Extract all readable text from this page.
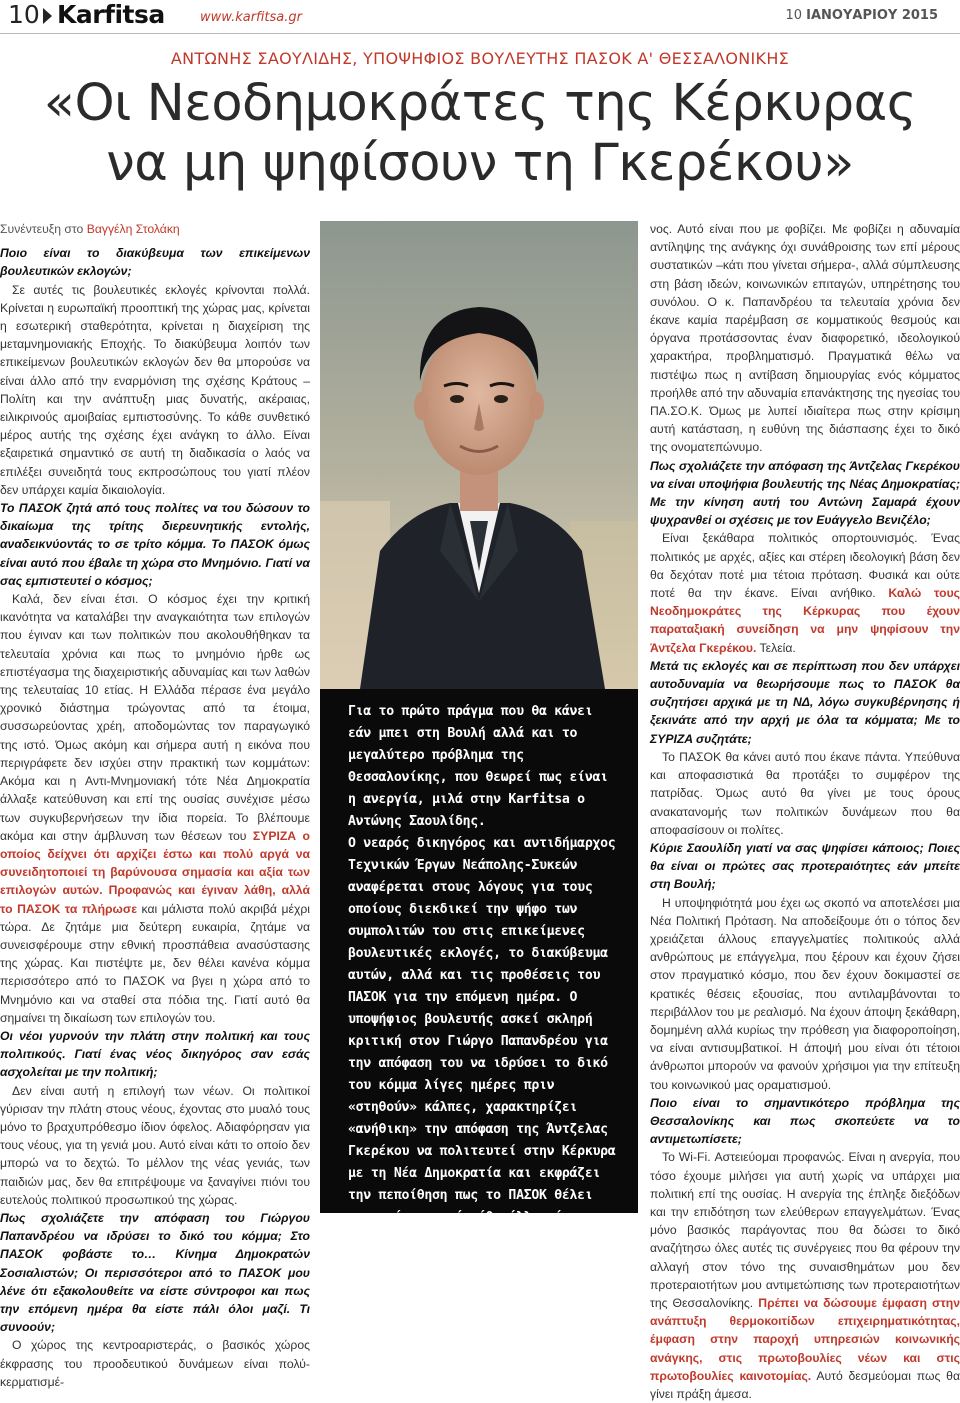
10 Karfitsa	www.karfitsa.gr	10 ΙΑΝΟΥΑΡΙΟΥ 2015
ΑΝΤΩΝΗΣ ΣΑΟΥΛΙΔΗΣ, ΥΠΟΨΗΦΙΟΣ ΒΟΥΛΕΥΤΗΣ ΠΑΣΟΚ Α' ΘΕΣΣΑΛΟΝΙΚΗΣ
«Οι Νεοδημοκράτες της Κέρκυρας
να μη ψηφίσουν τη Γκερέκου»

Συνέντευξη στο Βαγγέλη Στολάκη

Ποιο είναι το διακύβευμα των επικείμενων βουλευτικών εκλογών;

Σε αυτές τις βουλευτικές εκλογές κρίνονται πολλά. Κρίνεται η ευρωπαϊκή προοπτική της χώρας μας, κρίνεται η εσωτερική σταθερότητα, κρίνεται η διαχείριση της μεταμνημονιακής Εποχής. Το διακύβευμα λοιπόν των επικείμενων βουλευτικών εκλογών δεν θα μπορούσε να είναι άλλο από την εναρμόνιση της σχέσης Κράτους – Πολίτη και την ανάπτυξη μιας δυνατής, ακέραιας, ειλικρινούς αμοιβαίας εμπιστοσύνης. Το κάθε συνθετικό μέρος αυτής της σχέσης έχει ανάγκη το άλλο. Είναι εξαιρετικά σημαντικό σε αυτή τη διαδικασία ο λαός να επιλέξει συνειδητά τους εκπροσώπους του γιατί πλέον δεν υπάρχει καμία δικαιολογία.

Το ΠΑΣΟΚ ζητά από τους πολίτες να του δώσουν το δικαίωμα της τρίτης διερευνητικής εντολής, αναδεικνύοντάς το σε τρίτο κόμμα. Το ΠΑΣΟΚ όμως είναι αυτό που έβαλε τη χώρα στο Μνημόνιο. Γιατί να σας εμπιστευτεί ο κόσμος;

Καλά, δεν είναι έτσι. Ο κόσμος έχει την κριτική ικανότητα να καταλάβει την αναγκαιότητα των επιλογών που έγιναν και των πολιτικών που ακολουθήθηκαν τα τελευταία χρόνια και πως το μνημόνιο ήρθε ως επιστέγασμα της διαχειριστικής αδυναμίας και των λαθών της τελευταίας 10 ετίας. Η Ελλάδα πέρασε ένα μεγάλο χρονικό διάστημα τρώγοντας από τα έτοιμα, συσσωρεύοντας χρέη, αποδομώντας τον παραγωγικό της ιστό. Όμως ακόμη και σήμερα αυτή η εικόνα που περιγράφετε δεν ισχύει στην πρακτική των κομμάτων: Ακόμα και η Αντι-Μνημονιακή τότε Νέα Δημοκρατία άλλαξε κατεύθυνση και επί της ουσίας συνέχισε μέσω των συγκυβερνήσεων την ίδια πορεία. Το βλέπουμε ακόμα και στην άμβλυνση των θέσεων του ΣΥΡΙΖΑ ο οποίος δείχνει ότι αρχίζει έστω και πολύ αργά να συνειδητοποιεί τη βαρύνουσα σημασία και αξία των επιλογών αυτών. Προφανώς και έγιναν λάθη, αλλά το ΠΑΣΟΚ τα πλήρωσε και μάλιστα πολύ ακριβά μέχρι τώρα. Δε ζητάμε μια δεύτερη ευκαιρία, ζητάμε να συνεισφέρουμε στην εθνική προσπάθεια ανασύστασης της χώρας. Και πιστέψτε με, δεν θέλει κανένα κόμμα περισσότερο από το ΠΑΣΟΚ να βγει η χώρα από το Μνημόνιο και να σταθεί στα πόδια της. Γιατί αυτό θα σημαίνει τη δικαίωση των επιλογών του.

Οι νέοι γυρνούν την πλάτη στην πολιτική και τους πολιτικούς. Γιατί ένας νέος δικηγόρος σαν εσάς ασχολείται με την πολιτική;

Δεν είναι αυτή η επιλογή των νέων. Οι πολιτικοί γύρισαν την πλάτη στους νέους, έχοντας στο μυαλό τους μόνο το βραχυπρόθεσμο ίδιον όφελος. Αδιαφόρησαν για τους νέους, για τη γενιά μου. Αυτό είναι κάτι το οποίο δεν μπορώ να το δεχτώ. Το μέλλον της νέας γενιάς, των παιδιών μας, δεν θα επιτρέψουμε να ξαναγίνει πιόνι του ευτελούς πολιτικού προσωπικού της χώρας.

Πως σχολιάζετε την απόφαση του Γιώργου Παπανδρέου να ιδρύσει το δικό του κόμμα; Στο ΠΑΣΟΚ φοβάστε το… Κίνημα Δημοκρατών Σοσιαλιστών; Οι περισσότεροι από το ΠΑΣΟΚ μου λένε ότι εξακολουθείτε να είστε σύντροφοι και πως την επόμενη ημέρα θα είστε πάλι όλοι μαζί. Τι συνοούν;

Ο χώρος της κεντροαριστεράς, ο βασικός χώρος έκφρασης του προοδευτικού δυνάμεων είναι πολύ-κερματισμέ-

Για το πρώτο πράγμα που θα κάνει εάν μπει στη Βουλή αλλά και το μεγαλύτερο πρόβλημα της Θεσσαλονίκης, που θεωρεί πως είναι η ανεργία, μιλά στην Karfitsa ο Αντώνης Σαουλίδης.

Ο νεαρός δικηγόρος και αντιδήμαρχος Τεχνικών Έργων Νεάπολης-Συκεών αναφέρεται στους λόγους για τους οποίους διεκδικεί την ψήφο των συμπολιτών του στις επικείμενες βουλευτικές εκλογές, το διακύβευμα αυτών, αλλά και τις προθέσεις του ΠΑΣΟΚ για την επόμενη ημέρα. Ο υποψήφιος βουλευτής ασκεί σκληρή κριτική στον Γιώργο Παπανδρέου για την απόφαση του να ιδρύσει το δικό του κόμμα λίγες ημέρες πριν «στηθούν» κάλπες, χαρακτηρίζει «ανήθικη» την απόφαση της Άντζελας Γκερέκου να πολιτευτεί στην Κέρκυρα με τη Νέα Δημοκρατία και εκφράζει την πεποίθηση πως το ΠΑΣΟΚ θέλει περισσότερο από κάθε άλλο κόμμα την έξοδο της χώρας από το μνημόνιο.

νος. Αυτό είναι που με φοβίζει. Με φοβίζει η αδυναμία αντίληψης της ανάγκης όχι συνάθροισης των επί μέρους συστατικών –κάτι που γίνεται σήμερα-, αλλά σύμπλευσης στη βάση ιδεών, κοινωνικών επιταγών, υπηρέτησης του συνόλου. Ο κ. Παπανδρέου τα τελευταία χρόνια δεν έκανε καμία παρέμβαση σε κομματικούς θεσμούς και όργανα προτάσσοντας έναν διαφορετικό, ιδεολογικού χαρακτήρα, προβληματισμό. Πραγματικά θέλω να πιστέψω πως η αντίβαση δημιουργίας ενός κόμματος προήλθε από την αδυναμία επανάκτησης της ηγεσίας του ΠΑ.ΣΟ.Κ. Όμως με λυπεί ιδιαίτερα πως στην κρίσιμη αυτή κατάσταση, η ευθύνη της διάσπασης έχει το δικό της ονοματεπώνυμο.

Πως σχολιάζετε την απόφαση της Άντζελας Γκερέκου να είναι υποψήφια βουλευτής της Νέας Δημοκρατίας; Με την κίνηση αυτή του Αντώνη Σαμαρά έχουν ψυχρανθεί οι σχέσεις με τον Ευάγγελο Βενιζέλο;

Είναι ξεκάθαρα πολιτικός οπορτουνισμός. Ένας πολιτικός με αρχές, αξίες και στέρεη ιδεολογική βάση δεν θα δεχόταν ποτέ μια τέτοια πρόταση. Φυσικά και ούτε ποτέ θα την έκανε. Είναι ανήθικο. Καλώ τους Νεοδημοκράτες της Κέρκυρας που έχουν παραταξιακή συνείδηση να μην ψηφίσουν την Άντζελα Γκερέκου. Τελεία.

Μετά τις εκλογές και σε περίπτωση που δεν υπάρχει αυτοδυναμία να θεωρήσουμε πως το ΠΑΣΟΚ θα συζητήσει αρχικά με τη ΝΔ, λόγω συγκυβέρνησης ή ξεκινάτε από την αρχή με όλα τα κόμματα; Με το ΣΥΡΙΖΑ συζητάτε;

Το ΠΑΣΟΚ θα κάνει αυτό που έκανε πάντα. Υπεύθυνα και αποφασιστικά θα προτάξει το συμφέρον της πατρίδας. Όμως αυτό θα γίνει με τους όρους ανακατανομής των πολιτικών δυνάμεων που θα αποφασίσουν οι πολίτες.

Κύριε Σαουλίδη γιατί να σας ψηφίσει κάποιος; Ποιες θα είναι οι πρώτες σας προτεραιότητες εάν μπείτε στη Βουλή;

Η υποψηφιότητά μου έχει ως σκοπό να αποτελέσει μια Νέα Πολιτική Πρόταση. Να αποδείξουμε ότι ο τόπος δεν χρειάζεται άλλους επαγγελματίες πολιτικούς αλλά ανθρώπους με επάγγελμα, που ξέρουν και έχουν ζήσει στον πραγματικό κόσμο, που δεν έχουν δοκιμαστεί σε κρατικές θέσεις εξουσίας, που αντιλαμβάνονται το περιβάλλον του με ρεαλισμό. Να έχουν άποψη ξεκάθαρη, δομημένη αλλά κυρίως την πρόθεση για διαφοροποίηση, να είναι αντισυμβατικοί. Η άποψή μου είναι ότι τέτοιοι άνθρωποι μπορούν να φανούν χρήσιμοι για την επίτευξη του κοινωνικού μας οραματισμού.

Ποιο είναι το σημαντικότερο πρόβλημα της Θεσσαλονίκης και πως σκοπεύετε να το αντιμετωπίσετε;

Το Wi-Fi. Αστειεύομαι προφανώς. Είναι η ανεργία, που τόσο έχουμε μιλήσει για αυτή χωρίς να υπάρχει μια πολιτική επί της ουσίας. Η ανεργία της έπληξε διεξόδων και την επιδότηση των ελεύθερων επαγγελμάτων. Ένας μόνο βασικός παράγοντας που θα δώσει το δικό αναζήτησω όλες αυτές τις συνέργειες που θα φέρουν την αλλαγή στον τόνο της συναισθημάτων μου δεν προτεραιοτήτων μου αντιμετώπισης των προτεραιοτήτων της Θεσσαλονίκης. Πρέπει να δώσουμε έμφαση στην ανάπτυξη θερμοκοιτίδων επιχειρηματικότητας, έμφαση στην παροχή υπηρεσιών κοινωνικής ανάγκης, στις πρωτοβουλίες νέων και στις πρωτοβουλίες καινοτομίας. Αυτό δεσμεύομαι πως θα γίνει πράξη άμεσα.
